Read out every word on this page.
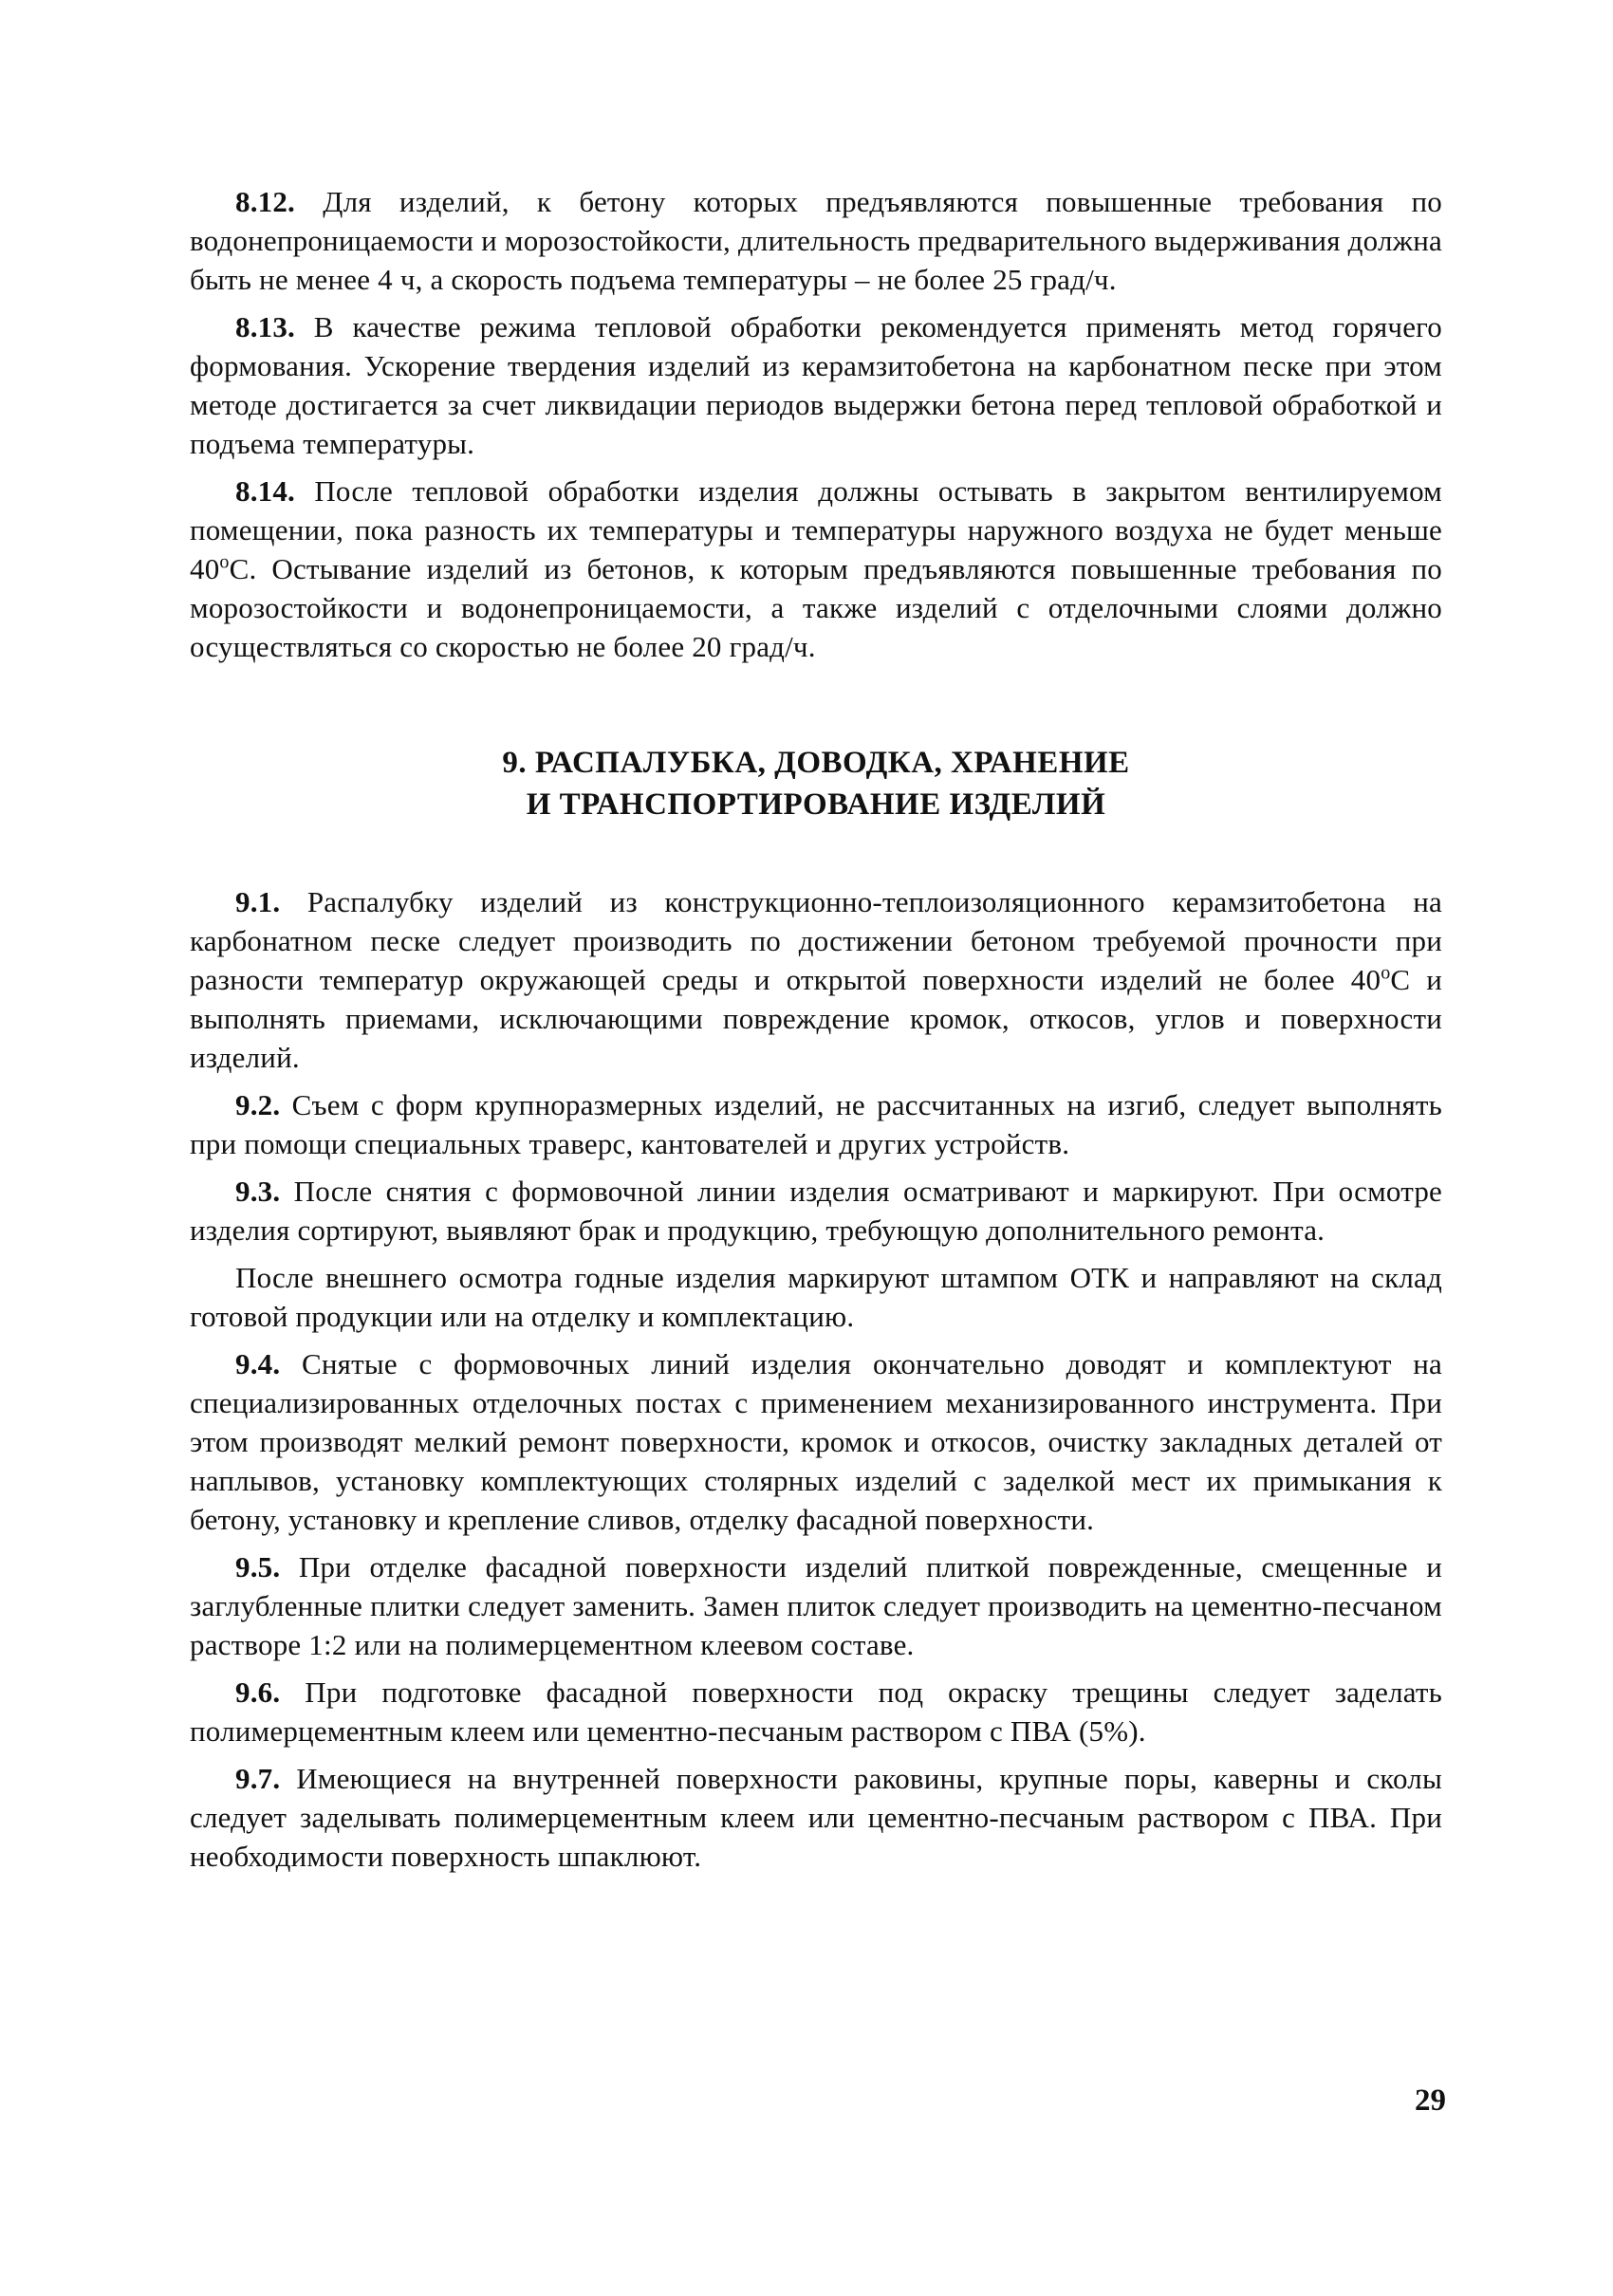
8.12. Для изделий, к бетону которых предъявляются повышенные требования по водонепроницаемости и морозостойкости, длительность предварительного выдерживания должна быть не менее 4 ч, а скорость подъема температуры – не более 25 град/ч.

8.13. В качестве режима тепловой обработки рекомендуется применять метод горячего формования. Ускорение твердения изделий из керамзитобетона на карбонатном песке при этом методе достигается за счет ликвидации периодов выдержки бетона перед тепловой обработкой и подъема температуры.

8.14. После тепловой обработки изделия должны остывать в закрытом вентилируемом помещении, пока разность их температуры и температуры наружного воздуха не будет меньше $40^оС$. Остывание изделий из бетонов, к которым предъявляются повышенные требования по морозостойкости и водонепроницаемости, а также изделий с отделочными слоями должно осуществляться со скоростью не более 20 град/ч.

9. РАСПАЛУБКА, ДОВОДКА, ХРАНЕНИЕ
И ТРАНСПОРТИРОВАНИЕ ИЗДЕЛИЙ

9.1. Распалубку изделий из конструкционно-теплоизоляционного керамзитобетона на карбонатном песке следует производить по достижении бетоном требуемой прочности при разности температур окружающей среды и открытой поверхности изделий не более $40^оС$ и выполнять приемами, исключающими повреждение кромок, откосов, углов и поверхности изделий.

9.2. Съем с форм крупноразмерных изделий, не рассчитанных на изгиб, следует выполнять при помощи специальных траверс, кантователей и других устройств.

9.3. После снятия с формовочной линии изделия осматривают и маркируют. При осмотре изделия сортируют, выявляют брак и продукцию, требующую дополнительного ремонта.

После внешнего осмотра годные изделия маркируют штампом ОТК и направляют на склад готовой продукции или на отделку и комплектацию.

9.4. Снятые с формовочных линий изделия окончательно доводят и комплектуют на специализированных отделочных постах с применением механизированного инструмента. При этом производят мелкий ремонт поверхности, кромок и откосов, очистку закладных деталей от наплывов, установку комплектующих столярных изделий с заделкой мест их примыкания к бетону, установку и крепление сливов, отделку фасадной поверхности.

9.5. При отделке фасадной поверхности изделий плиткой поврежденные, смещенные и заглубленные плитки следует заменить. Замен плиток следует производить на цементно-песчаном растворе 1:2 или на полимерцементном клеевом составе.

9.6. При подготовке фасадной поверхности под окраску трещины следует заделать полимерцементным клеем или цементно-песчаным раствором с ПВА (5%).

9.7. Имеющиеся на внутренней поверхности раковины, крупные поры, каверны и сколы следует заделывать полимерцементным клеем или цементно-песчаным раствором с ПВА. При необходимости поверхность шпаклюют.

29
